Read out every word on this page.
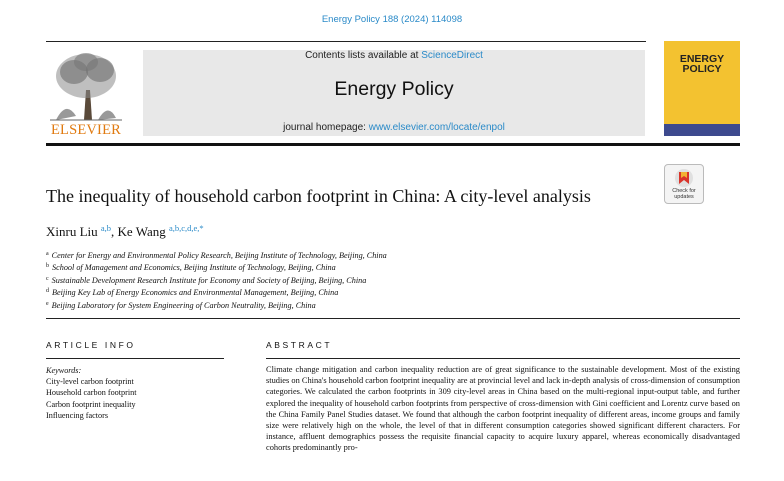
Energy Policy 188 (2024) 114098
ELSEVIER
Contents lists available at ScienceDirect
Energy Policy
journal homepage: www.elsevier.com/locate/enpol
ENERGY
POLICY
The inequality of household carbon footprint in China: A city-level analysis	Check for
updates
Xinru Liu $^{a,b}$, Ke Wang $^{a,b,c,d,e,*}$
$^a$ Center for Energy and Environmental Policy Research, Beijing Institute of Technology, Beijing, China
$^b$ School of Management and Economics, Beijing Institute of Technology, Beijing, China
$^c$ Sustainable Development Research Institute for Economy and Society of Beijing, Beijing, China
$^d$ Beijing Key Lab of Energy Economics and Environmental Management, Beijing, China
$^e$ Beijing Laboratory for System Engineering of Carbon Neutrality, Beijing, China
ARTICLE INFO
Keywords:
City-level carbon footprint
Household carbon footprint
Carbon footprint inequality
Influencing factors
ABSTRACT
Climate change mitigation and carbon inequality reduction are of great significance to the sustainable development. Most of the existing studies on China's household carbon footprint inequality are at provincial level and lack in-depth analysis of cross-dimension of consumption categories. We calculated the carbon footprints in 309 city-level areas in China based on the multi-regional input-output table, and further explored the inequality of household carbon footprints from perspective of cross-dimension with Gini coefficient and Lorentz curve based on the China Family Panel Studies dataset. We found that although the carbon footprint inequality of different areas, income groups and family size were relatively high on the whole, the level of that in different consumption categories showed significant different characters. For instance, affluent demographics possess the requisite financial capacity to acquire luxury apparel, whereas economically disadvantaged cohorts predominantly pro-
